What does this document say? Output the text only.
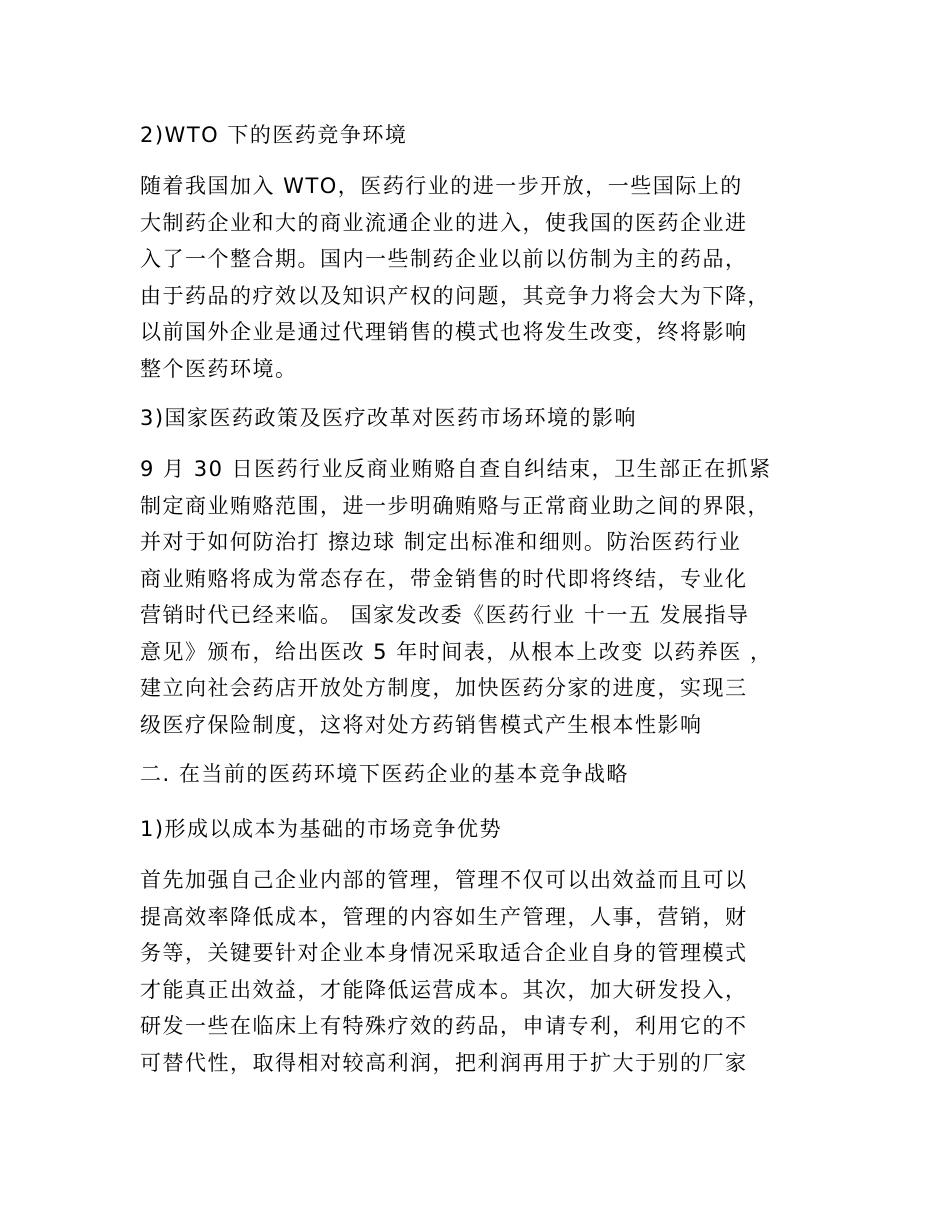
2)WTO 下的医药竞争环境

随着我国加入 WTO，医药行业的进一步开放，一些国际上的

大制药企业和大的商业流通企业的进入，使我国的医药企业进

入了一个整合期。国内一些制药企业以前以仿制为主的药品，

由于药品的疗效以及知识产权的问题，其竞争力将会大为下降，

以前国外企业是通过代理销售的模式也将发生改变，终将影响

整个医药环境。

3)国家医药政策及医疗改革对医药市场环境的影响

9 月 30 日医药行业反商业贿赂自查自纠结束，卫生部正在抓紧

制定商业贿赂范围，进一步明确贿赂与正常商业助之间的界限，

并对于如何防治打 擦边球 制定出标准和细则。防治医药行业

商业贿赂将成为常态存在，带金销售的时代即将终结，专业化

营销时代已经来临。 国家发改委《医药行业 十一五 发展指导

意见》颁布，给出医改 5 年时间表，从根本上改变 以药养医 ，

建立向社会药店开放处方制度，加快医药分家的进度，实现三

级医疗保险制度，这将对处方药销售模式产生根本性影响

二. 在当前的医药环境下医药企业的基本竞争战略

1)形成以成本为基础的市场竞争优势

首先加强自己企业内部的管理，管理不仅可以出效益而且可以

提高效率降低成本，管理的内容如生产管理，人事，营销，财

务等，关键要针对企业本身情况采取适合企业自身的管理模式

才能真正出效益，才能降低运营成本。其次，加大研发投入，

研发一些在临床上有特殊疗效的药品，申请专利，利用它的不

可替代性，取得相对较高利润，把利润再用于扩大于别的厂家
